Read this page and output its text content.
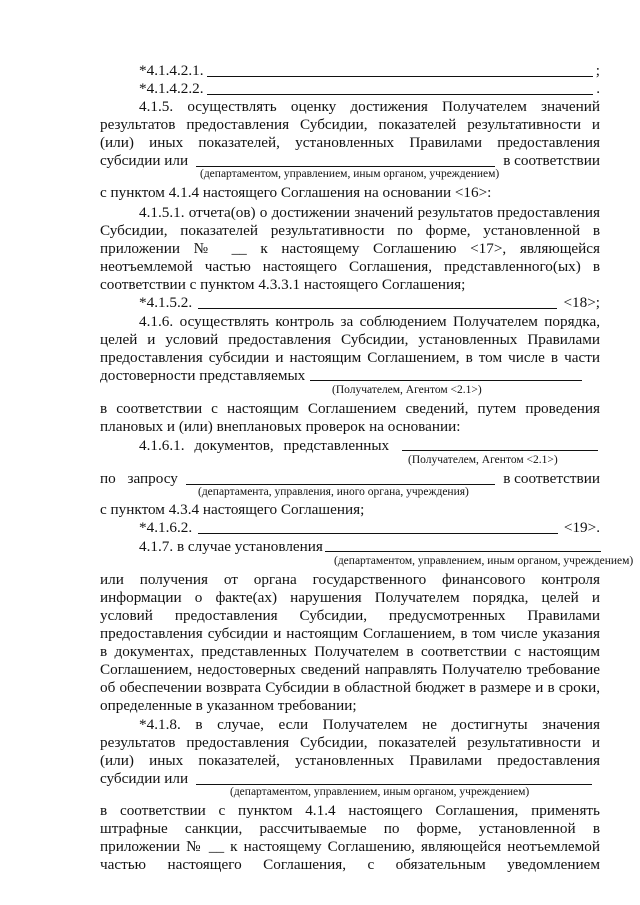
*4.1.4.2.1.	;
*4.1.4.2.2.	.
4.1.5. осуществлять оценку достижения Получателем значений
результатов предоставления Субсидии, показателей результативности и
(или) иных показателей, установленных Правилами предоставления
субсидии или	в соответствии
(департаментом, управлением, иным органом, учреждением)
с пунктом 4.1.4 настоящего Соглашения на основании <16>:
4.1.5.1. отчета(ов) о достижении значений результатов предоставления
Субсидии, показателей результативности по форме, установленной в
приложении № __ к настоящему Соглашению <17>, являющейся
неотъемлемой частью настоящего Соглашения, представленного(ых) в
соответствии с пунктом 4.3.3.1 настоящего Соглашения;
*4.1.5.2.	<18>;
4.1.6. осуществлять контроль за соблюдением Получателем порядка,
целей и условий предоставления Субсидии, установленных Правилами
предоставления субсидии и настоящим Соглашением, в том числе в части
достоверности представляемых
(Получателем, Агентом <2.1>)
в соответствии с настоящим Соглашением сведений, путем проведения
плановых и (или) внеплановых проверок на основании:
4.1.6.1. документов, представленных
(Получателем, Агентом <2.1>)
по запросу	в соответствии
(департамента, управления, иного органа, учреждения)
с пунктом 4.3.4 настоящего Соглашения;
*4.1.6.2.	<19>.
4.1.7. в случае установления
(департаментом, управлением, иным органом, учреждением)
или получения от органа государственного финансового контроля
информации о факте(ах) нарушения Получателем порядка, целей и
условий предоставления Субсидии, предусмотренных Правилами
предоставления субсидии и настоящим Соглашением, в том числе указания
в документах, представленных Получателем в соответствии с настоящим
Соглашением, недостоверных сведений направлять Получателю требование
об обеспечении возврата Субсидии в областной бюджет в размере и в сроки,
определенные в указанном требовании;
*4.1.8. в случае, если Получателем не достигнуты значения
результатов предоставления Субсидии, показателей результативности и
(или) иных показателей, установленных Правилами предоставления
субсидии или
(департаментом, управлением, иным органом, учреждением)
в соответствии с пунктом 4.1.4 настоящего Соглашения, применять
штрафные санкции, рассчитываемые по форме, установленной в
приложении № __ к настоящему Соглашению, являющейся неотъемлемой
частью настоящего Соглашения, с обязательным уведомлением
